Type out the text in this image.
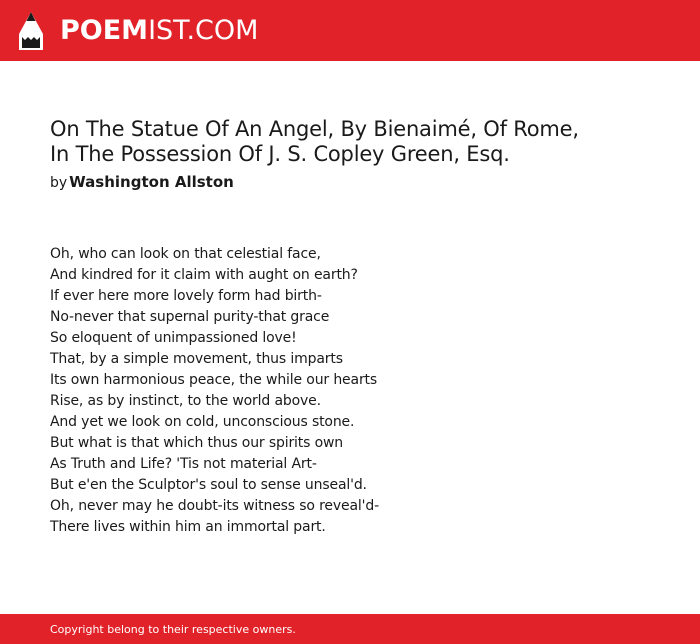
POEMIST.COM
On The Statue Of An Angel, By Bienaimé, Of Rome,
In The Possession Of J. S. Copley Green, Esq.
by Washington Allston
Oh, who can look on that celestial face,
And kindred for it claim with aught on earth?
If ever here more lovely form had birth-
No-never that supernal purity-that grace
So eloquent of unimpassioned love!
That, by a simple movement, thus imparts
Its own harmonious peace, the while our hearts
Rise, as by instinct, to the world above.
And yet we look on cold, unconscious stone.
But what is that which thus our spirits own
As Truth and Life? 'Tis not material Art-
But e'en the Sculptor's soul to sense unseal'd.
Oh, never may he doubt-its witness so reveal'd-
There lives within him an immortal part.
Copyright belong to their respective owners.
